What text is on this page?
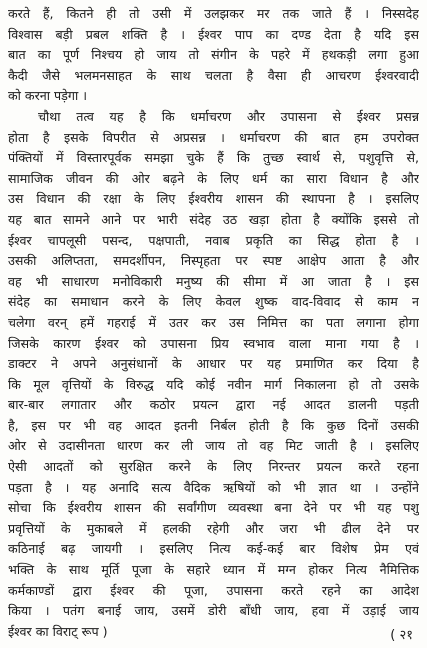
करते हैं, कितने ही तो उसी में उलझकर मर तक जाते हैं । निस्सदेह
विश्वास बड़ी प्रबल शक्ति है । ईश्वर पाप का दण्ड देता है यदि इस
बात का पूर्ण निश्चय हो जाय तो संगीन के पहरे में हथकड़ी लगा हुआ
कैदी जैसे भलमनसाहत के साथ चलता है वैसा ही आचरण ईश्वरवादी
को करना पड़ेगा ।
चौथा तत्व यह है कि धर्माचरण और उपासना से ईश्वर प्रसन्न
होता है इसके विपरीत से अप्रसन्न । धर्माचरण की बात हम उपरोक्त
पंक्तियों में विस्तारपूर्वक समझा चुके हैं कि तुच्छ स्वार्थ से, पशुवृत्ति से,
सामाजिक जीवन की ओर बढ़ने के लिए धर्म का सारा विधान है और
उस विधान की रक्षा के लिए ईश्वरीय शासन की स्थापना है । इसलिए
यह बात सामने आने पर भारी संदेह उठ खड़ा होता है क्योंकि इससे तो
ईश्वर चापलूसी पसन्द, पक्षपाती, नवाब प्रकृति का सिद्ध होता है ।
उसकी अलिप्तता, समदर्शीपन, निस्पृहता पर स्पष्ट आक्षेप आता है और
वह भी साधारण मनोविकारी मनुष्य की सीमा में आ जाता है । इस
संदेह का समाधान करने के लिए केवल शुष्क वाद-विवाद से काम न
चलेगा वरन् हमें गहराई में उतर कर उस निमित्त का पता लगाना होगा
जिसके कारण ईश्वर को उपासना प्रिय स्वभाव वाला माना गया है ।
डाक्टर ने अपने अनुसंधानों के आधार पर यह प्रमाणित कर दिया है
कि मूल वृत्तियों के विरुद्ध यदि कोई नवीन मार्ग निकालना हो तो उसके
बार-बार लगातार और कठोर प्रयत्न द्वारा नई आदत डालनी पड़ती
है, इस पर भी वह आदत इतनी निर्बल होती है कि कुछ दिनों उसकी
ओर से उदासीनता धारण कर ली जाय तो वह मिट जाती है । इसलिए
ऐसी आदतों को सुरक्षित करने के लिए निरन्तर प्रयत्न करते रहना
पड़ता है । यह अनादि सत्य वैदिक ऋषियों को भी ज्ञात था । उन्होंने
सोचा कि ईश्वरीय शासन की सर्वांगीण व्यवस्था बना देने पर भी यह पशु
प्रवृत्तियों के मुकाबले में हलकी रहेगी और जरा भी ढील देने पर
कठिनाई बढ़ जायगी । इसलिए नित्य कई-कई बार विशेष प्रेम एवं
भक्ति के साथ मूर्ति पूजा के सहारे ध्यान में मग्न होकर नित्य नैमित्तिक
कर्मकाण्डों द्वारा ईश्वर की पूजा, उपासना करते रहने का आदेश
किया । पतंग बनाई जाय, उसमें डोरी बाँधी जाय, हवा में उड़ाई जाय
ईश्वर का विराट् रूप )	( २१
